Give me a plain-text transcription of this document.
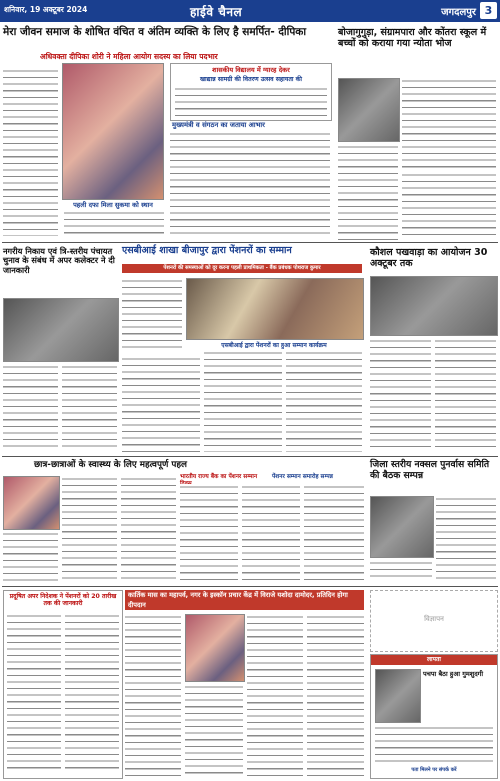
शनिवार, 19 अक्टूबर 2024	हाईवे चैनल	जगदलपुर 3
मेरा जीवन समाज के शोषित वंचित व अंतिम व्यक्ति के लिए है समर्पित- दीपिका
अधिवक्ता दीपिका शोरी ने महिला आयोग सदस्य का लिया पदभार
पहली दफा मिला सुकमा को स्थान
शासकीय विद्यालय में ग्यारह देकर
खाद्यान्न सामग्री की वितरण उत्सव सहायता की
मुख्यमंत्री व संगठन का जताया आभार
बोजागुगुड़ा, संग्रामपारा और कोंतरा स्कूल में बच्चों को कराया गया न्योता भोज
नगरीय निकाय एवं त्रि-स्तरीय पंचायत चुनाव के संबंध में अपर कलेक्टर ने दी जानकारी
एसबीआई शाखा बीजापुर द्वारा पेंशनरों का सम्मान
पेंशनरों की समस्याओं को दूर करना पहली प्राथमिकता - बैंक प्रबंधक पोथराज कुमार
एसबीआई द्वारा पेंशनरों का हुआ सम्मान कार्यक्रम
कौशल पखवाड़ा का आयोजन 30 अक्टूबर तक
छात्र-छात्राओं के स्वास्थ्य के लिए महत्वपूर्ण पहल
भारतीय राज्य बैंक का पेंशनर सम्मान	पेंशनर सम्मान समारोह सम्पन्न
जिला स्तरीय नक्सल पुनर्वास समिति की बैठक सम्पन्न
प्रदूषित अपर निदेशक ने पेंशनरों को 20 तारीख तक की जानकारी
कार्तिक मास का महापर्व, नगर के इस्कॉन प्रचार केंद्र में विराजे यशोदा दामोदर, प्रतिदिन होगा दीपदान
विज्ञापन
लापता
पचपा बैठा हुआ गुमशुदगी
पता मिलने पर संपर्क करें
